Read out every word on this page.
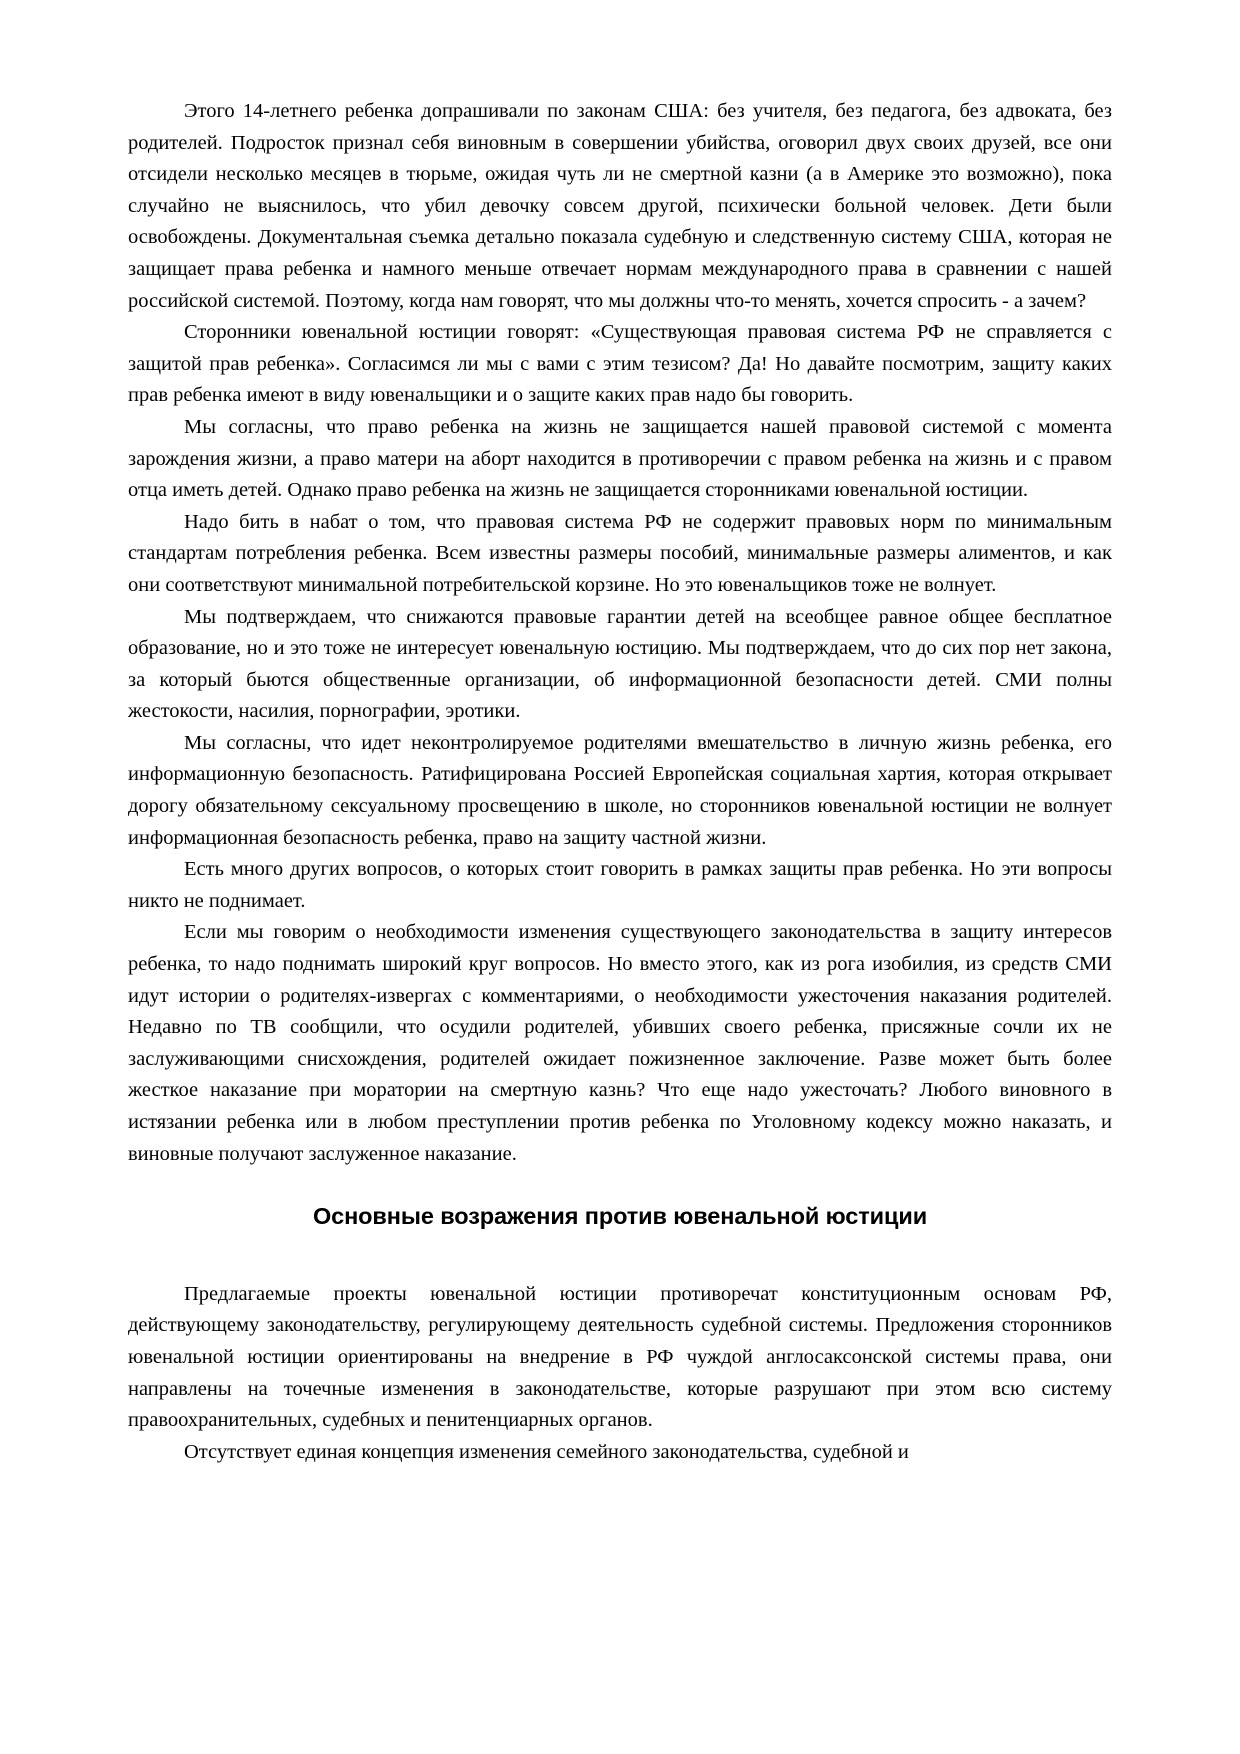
Этого 14-летнего ребенка допрашивали по законам США: без учителя, без педагога, без адвоката, без родителей. Подросток признал себя виновным в совершении убийства, оговорил двух своих друзей, все они отсидели несколько месяцев в тюрьме, ожидая чуть ли не смертной казни (а в Америке это возможно), пока случайно не выяснилось, что убил девочку совсем другой, психически больной человек. Дети были освобождены. Документальная съемка детально показала судебную и следственную систему США, которая не защищает права ребенка и намного меньше отвечает нормам международного права в сравнении с нашей российской системой. Поэтому, когда нам говорят, что мы должны что-то менять, хочется спросить - а зачем?

Сторонники ювенальной юстиции говорят: «Существующая правовая система РФ не справляется с защитой прав ребенка». Согласимся ли мы с вами с этим тезисом? Да! Но давайте посмотрим, защиту каких прав ребенка имеют в виду ювенальщики и о защите каких прав надо бы говорить.

Мы согласны, что право ребенка на жизнь не защищается нашей правовой системой с момента зарождения жизни, а право матери на аборт находится в противоречии с правом ребенка на жизнь и с правом отца иметь детей. Однако право ребенка на жизнь не защищается сторонниками ювенальной юстиции.

Надо бить в набат о том, что правовая система РФ не содержит правовых норм по минимальным стандартам потребления ребенка. Всем известны размеры пособий, минимальные размеры алиментов, и как они соответствуют минимальной потребительской корзине. Но это ювенальщиков тоже не волнует.

Мы подтверждаем, что снижаются правовые гарантии детей на всеобщее равное общее бесплатное образование, но и это тоже не интересует ювенальную юстицию. Мы подтверждаем, что до сих пор нет закона, за который бьются общественные организации, об информационной безопасности детей. СМИ полны жестокости, насилия, порнографии, эротики.

Мы согласны, что идет неконтролируемое родителями вмешательство в личную жизнь ребенка, его информационную безопасность. Ратифицирована Россией Европейская социальная хартия, которая открывает дорогу обязательному сексуальному просвещению в школе, но сторонников ювенальной юстиции не волнует информационная безопасность ребенка, право на защиту частной жизни.

Есть много других вопросов, о которых стоит говорить в рамках защиты прав ребенка. Но эти вопросы никто не поднимает.

Если мы говорим о необходимости изменения существующего законодательства в защиту интересов ребенка, то надо поднимать широкий круг вопросов. Но вместо этого, как из рога изобилия, из средств СМИ идут истории о родителях-извергах с комментариями, о необходимости ужесточения наказания родителей. Недавно по ТВ сообщили, что осудили родителей, убивших своего ребенка, присяжные сочли их не заслуживающими снисхождения, родителей ожидает пожизненное заключение. Разве может быть более жесткое наказание при моратории на смертную казнь? Что еще надо ужесточать? Любого виновного в истязании ребенка или в любом преступлении против ребенка по Уголовному кодексу можно наказать, и виновные получают заслуженное наказание.

Основные возражения против ювенальной юстиции

Предлагаемые проекты ювенальной юстиции противоречат конституционным основам РФ, действующему законодательству, регулирующему деятельность судебной системы. Предложения сторонников ювенальной юстиции ориентированы на внедрение в РФ чуждой англосаксонской системы права, они направлены на точечные изменения в законодательстве, которые разрушают при этом всю систему правоохранительных, судебных и пенитенциарных органов.

Отсутствует единая концепция изменения семейного законодательства, судебной и
